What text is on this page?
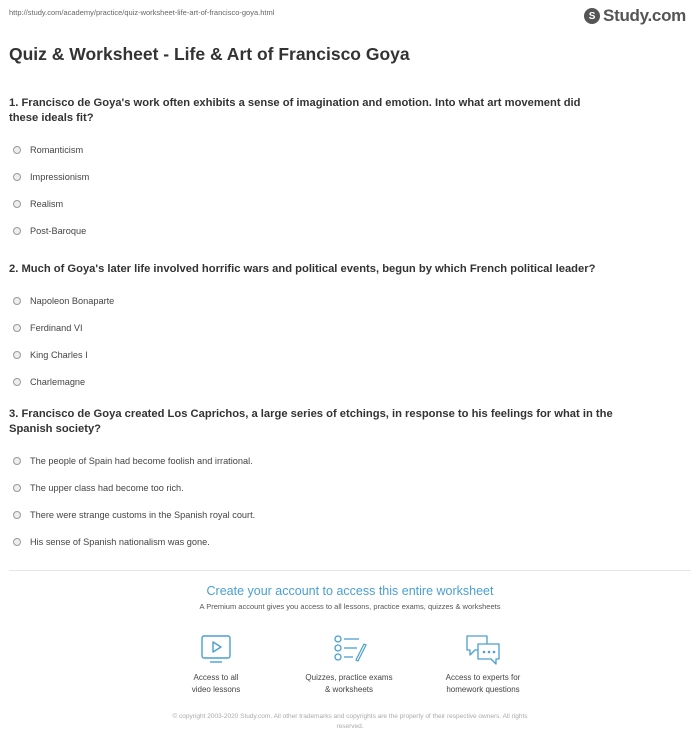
http://study.com/academy/practice/quiz-worksheet-life-art-of-francisco-goya.html	S Study.com
Quiz & Worksheet - Life & Art of Francisco Goya
1. Francisco de Goya's work often exhibits a sense of imagination and emotion. Into what art movement did
these ideals fit?
Romanticism
Impressionism
Realism
Post-Baroque
2. Much of Goya's later life involved horrific wars and political events, begun by which French political leader?
Napoleon Bonaparte
Ferdinand VI
King Charles I
Charlemagne
3. Francisco de Goya created Los Caprichos, a large series of etchings, in response to his feelings for what in the
Spanish society?
The people of Spain had become foolish and irrational.
The upper class had become too rich.
There were strange customs in the Spanish royal court.
His sense of Spanish nationalism was gone.
Create your account to access this entire worksheet
A Premium account gives you access to all lessons, practice exams, quizzes & worksheets
Access to all
video lessons
Quizzes, practice exams
& worksheets
Access to experts for
homework questions
© copyright 2003-2020 Study.com. All other trademarks and copyrights are the property of their respective owners. All rights
reserved.
